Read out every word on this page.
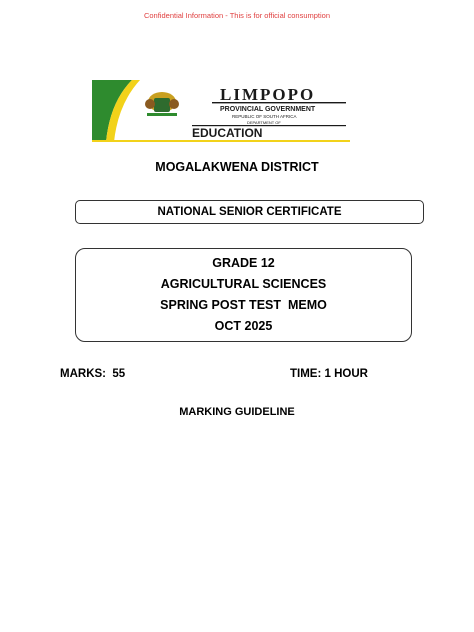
Confidential Information - This is for official consumption
LIMPOPO
PROVINCIAL GOVERNMENT
REPUBLIC OF SOUTH AFRICA
DEPARTMENT OF
EDUCATION
MOGALAKWENA DISTRICT
NATIONAL SENIOR CERTIFICATE
GRADE 12
AGRICULTURAL SCIENCES
SPRING POST TEST  MEMO
OCT 2025
MARKS:  55	TIME: 1 HOUR
MARKING GUIDELINE
